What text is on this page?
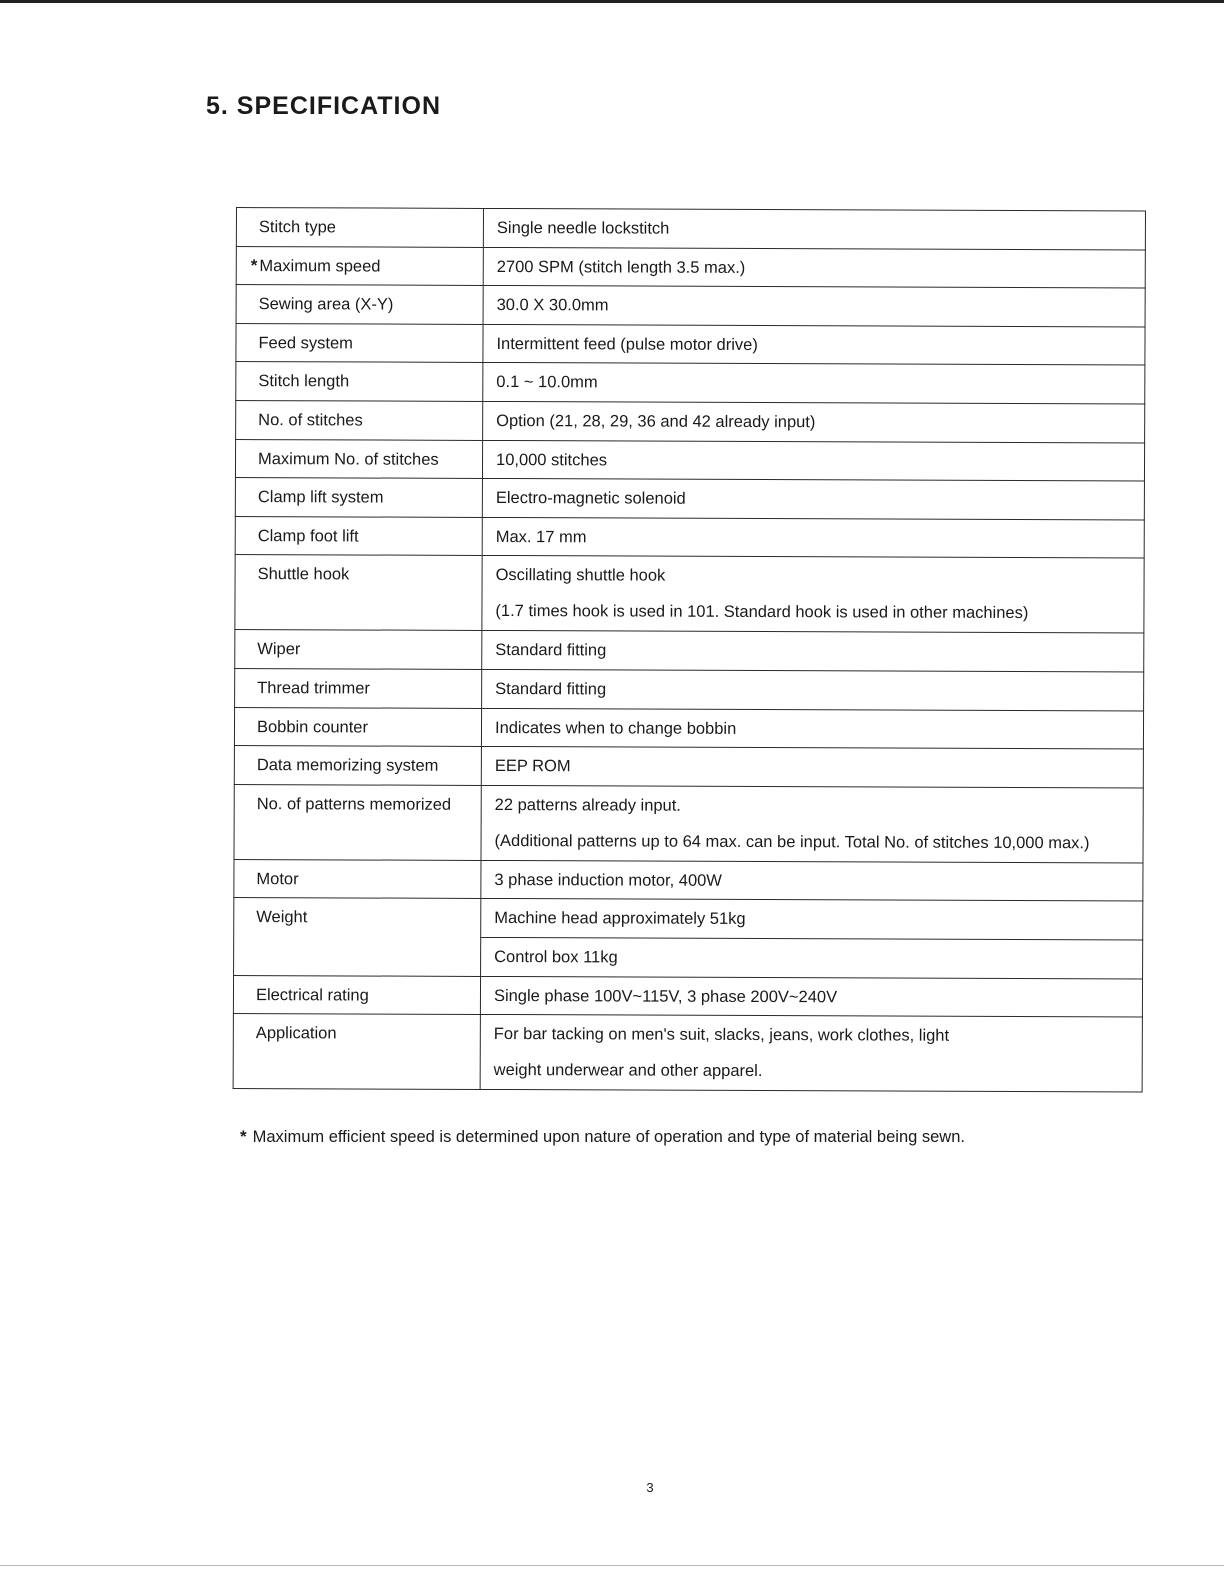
5. SPECIFICATION
Stitch type	Single needle lockstitch

* Maximum speed	2700 SPM (stitch length 3.5 max.)

Sewing area (X-Y)	30.0 X 30.0mm

Feed system	Intermittent feed (pulse motor drive)

Stitch length	0.1 ~ 10.0mm

No. of stitches	Option (21, 28, 29, 36 and 42 already input)

Maximum No. of stitches	10,000 stitches

Clamp lift system	Electro-magnetic solenoid

Clamp foot lift	Max. 17 mm

Shuttle hook	Oscillating shuttle hook
(1.7 times hook is used in 101. Standard hook is used in other machines)

Wiper	Standard fitting

Thread trimmer	Standard fitting

Bobbin counter	Indicates when to change bobbin

Data memorizing system	EEP ROM

No. of patterns memorized	22 patterns already input.
(Additional patterns up to 64 max. can be input. Total No. of stitches 10,000 max.)

Motor	3 phase induction motor, 400W

Weight	Machine head approximately 51kg

	Control box 11kg

Electrical rating	Single phase 100V~115V, 3 phase 200V~240V

Application	For bar tacking on men's suit, slacks, jeans, work clothes, light
weight underwear and other apparel.
* Maximum efficient speed is determined upon nature of operation and type of material being sewn.
3
